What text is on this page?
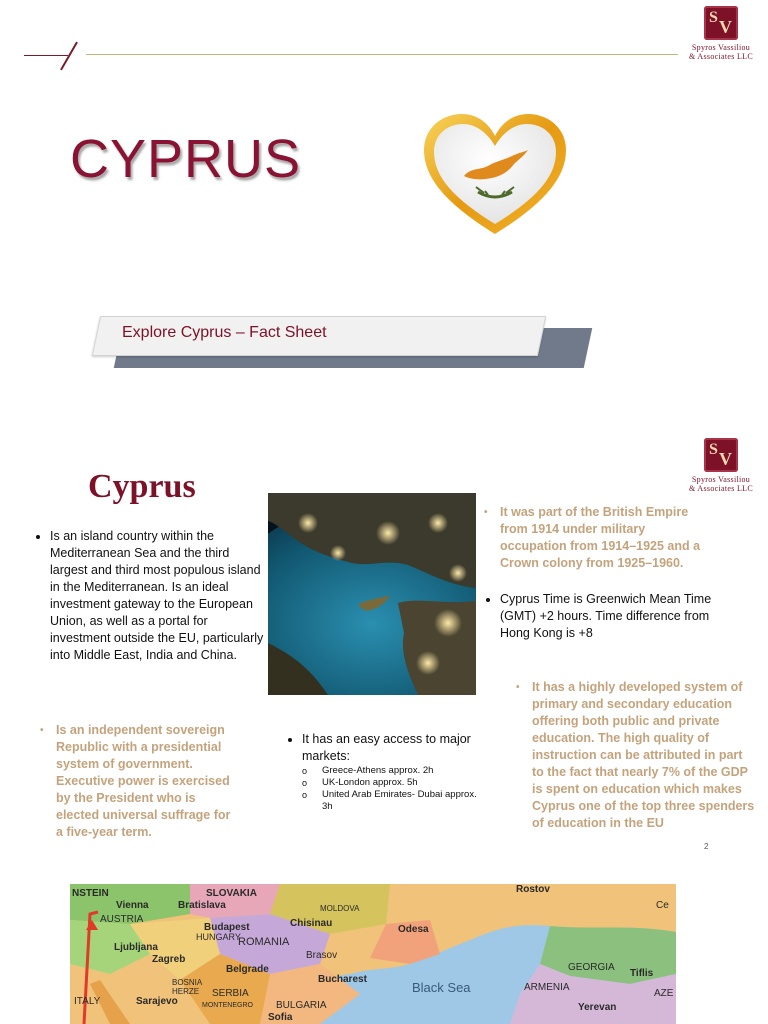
S V
Spyros Vassiliou
& Associates LLC
CYPRUS
Explore Cyprus – Fact Sheet
S V
Spyros Vassiliou
& Associates LLC
Cyprus
• Is an island country within the Mediterranean Sea and the third largest and third most populous island in the Mediterranean. Is an ideal investment gateway to the European Union, as well as a portal for investment outside the EU, particularly into Middle East, India and China.
• Is an independent sovereign Republic with a presidential system of government. Executive power is exercised by the President who is elected universal suffrage for a five-year term.
• It has an easy access to major markets:
o Greece-Athens approx. 2h
o UK-London approx. 5h
o United Arab Emirates- Dubai approx. 3h
• It was part of the British Empire from 1914 under military occupation from 1914–1925 and a Crown colony from 1925–1960.
• Cyprus Time is Greenwich Mean Time (GMT) +2 hours. Time difference from Hong Kong is +8
• It has a highly developed system of primary and secondary education offering both public and private education. The high quality of instruction can be attributed in part to the fact that nearly 7% of the GDP is spent on education which makes Cyprus one of the top three spenders of education in the EU
2
NSTEIN	SLOVAKIA
Vienna	Bratislava
AUSTRIA
Budapest
MOLDOVA
Chisinau
Odesa
Rostov
HUNGARY
ROMANIA
Ljubljana
Zagreb
Belgrade
Brasov
BOSNIA HERZE	SERBIA
Sarajevo
Bucharest
Black Sea	ARMENIA
GEORGIA
Tiflis
Yerevan
BULGARIA
MONTENEGRO
Sofia
ITALY
Ce
AZE
